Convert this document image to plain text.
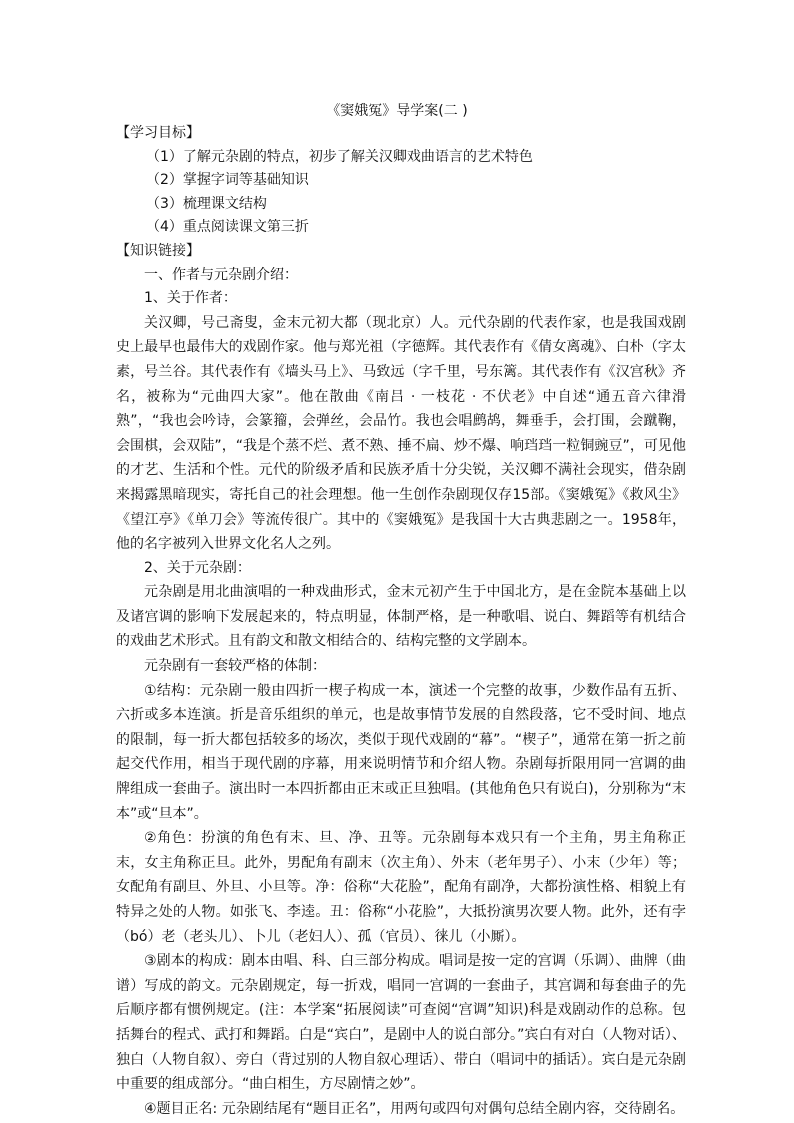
《窦娥冤》导学案(二 )

【学习目标】

（1）了解元杂剧的特点，初步了解关汉卿戏曲语言的艺术特色

（2）掌握字词等基础知识

（3）梳理课文结构

（4）重点阅读课文第三折

【知识链接】

一、作者与元杂剧介绍：

1、关于作者：

关汉卿，号己斋叟，金末元初大都（现北京）人。元代杂剧的代表作家，也是我国戏剧史上最早也最伟大的戏剧作家。他与郑光祖（字德辉。其代表作有《倩女离魂》、白朴（字太素，号兰谷。其代表作有《墙头马上》、马致远（字千里，号东篱。其代表作有《汉宫秋》齐名，被称为“元曲四大家”。他在散曲《南吕 · 一枝花 · 不伏老》中自述“通五音六律滑熟”，“我也会吟诗，会篆籀，会弹丝，会品竹。我也会唱鹧鸪，舞垂手，会打围，会蹴鞠，会围棋，会双陆”，“我是个蒸不烂、煮不熟、捶不扁、炒不爆、响珰珰一粒铜豌豆”，可见他的才艺、生活和个性。元代的阶级矛盾和民族矛盾十分尖锐，关汉卿不满社会现实，借杂剧来揭露黑暗现实，寄托自己的社会理想。他一生创作杂剧现仅存15部。《窦娥冤》《救风尘》《望江亭》《单刀会》等流传很广。其中的《窦娥冤》是我国十大古典悲剧之一。1958年，他的名字被列入世界文化名人之列。

2、关于元杂剧：

元杂剧是用北曲演唱的一种戏曲形式，金末元初产生于中国北方，是在金院本基础上以及诸宫调的影响下发展起来的，特点明显，体制严格，是一种歌唱、说白、舞蹈等有机结合的戏曲艺术形式。且有韵文和散文相结合的、结构完整的文学剧本。

元杂剧有一套较严格的体制：

①结构：元杂剧一般由四折一楔子构成一本，演述一个完整的故事，少数作品有五折、六折或多本连演。折是音乐组织的单元，也是故事情节发展的自然段落，它不受时间、地点的限制，每一折大都包括较多的场次，类似于现代戏剧的“幕”。“楔子”，通常在第一折之前起交代作用，相当于现代剧的序幕，用来说明情节和介绍人物。杂剧每折限用同一宫调的曲牌组成一套曲子。演出时一本四折都由正末或正旦独唱。(其他角色只有说白)，分别称为“末本”或“旦本”。

②角色：扮演的角色有末、旦、净、丑等。元杂剧每本戏只有一个主角，男主角称正末，女主角称正旦。此外，男配角有副末（次主角）、外末（老年男子）、小末（少年）等；女配角有副旦、外旦、小旦等。净：俗称“大花脸”，配角有副净，大都扮演性格、相貌上有特异之处的人物。如张飞、李逵。丑：俗称“小花脸”，大抵扮演男次要人物。此外，还有孛（bó）老（老头儿）、卜儿（老妇人）、孤（官员）、徕儿（小厮）。

③剧本的构成：剧本由唱、科、白三部分构成。唱词是按一定的宫调（乐调）、曲牌（曲谱）写成的韵文。元杂剧规定，每一折戏，唱同一宫调的一套曲子，其宫调和每套曲子的先后顺序都有惯例规定。(注：本学案“拓展阅读”可查阅“宫调”知识)科是戏剧动作的总称。包括舞台的程式、武打和舞蹈。白是“宾白”，是剧中人的说白部分。”宾白有对白（人物对话）、独白（人物自叙）、旁白（背过别的人物自叙心理话）、带白（唱词中的插话）。宾白是元杂剧中重要的组成部分。“曲白相生，方尽剧情之妙”。

④题目正名: 元杂剧结尾有“题目正名”，用两句或四句对偶句总结全剧内容，交待剧名。
